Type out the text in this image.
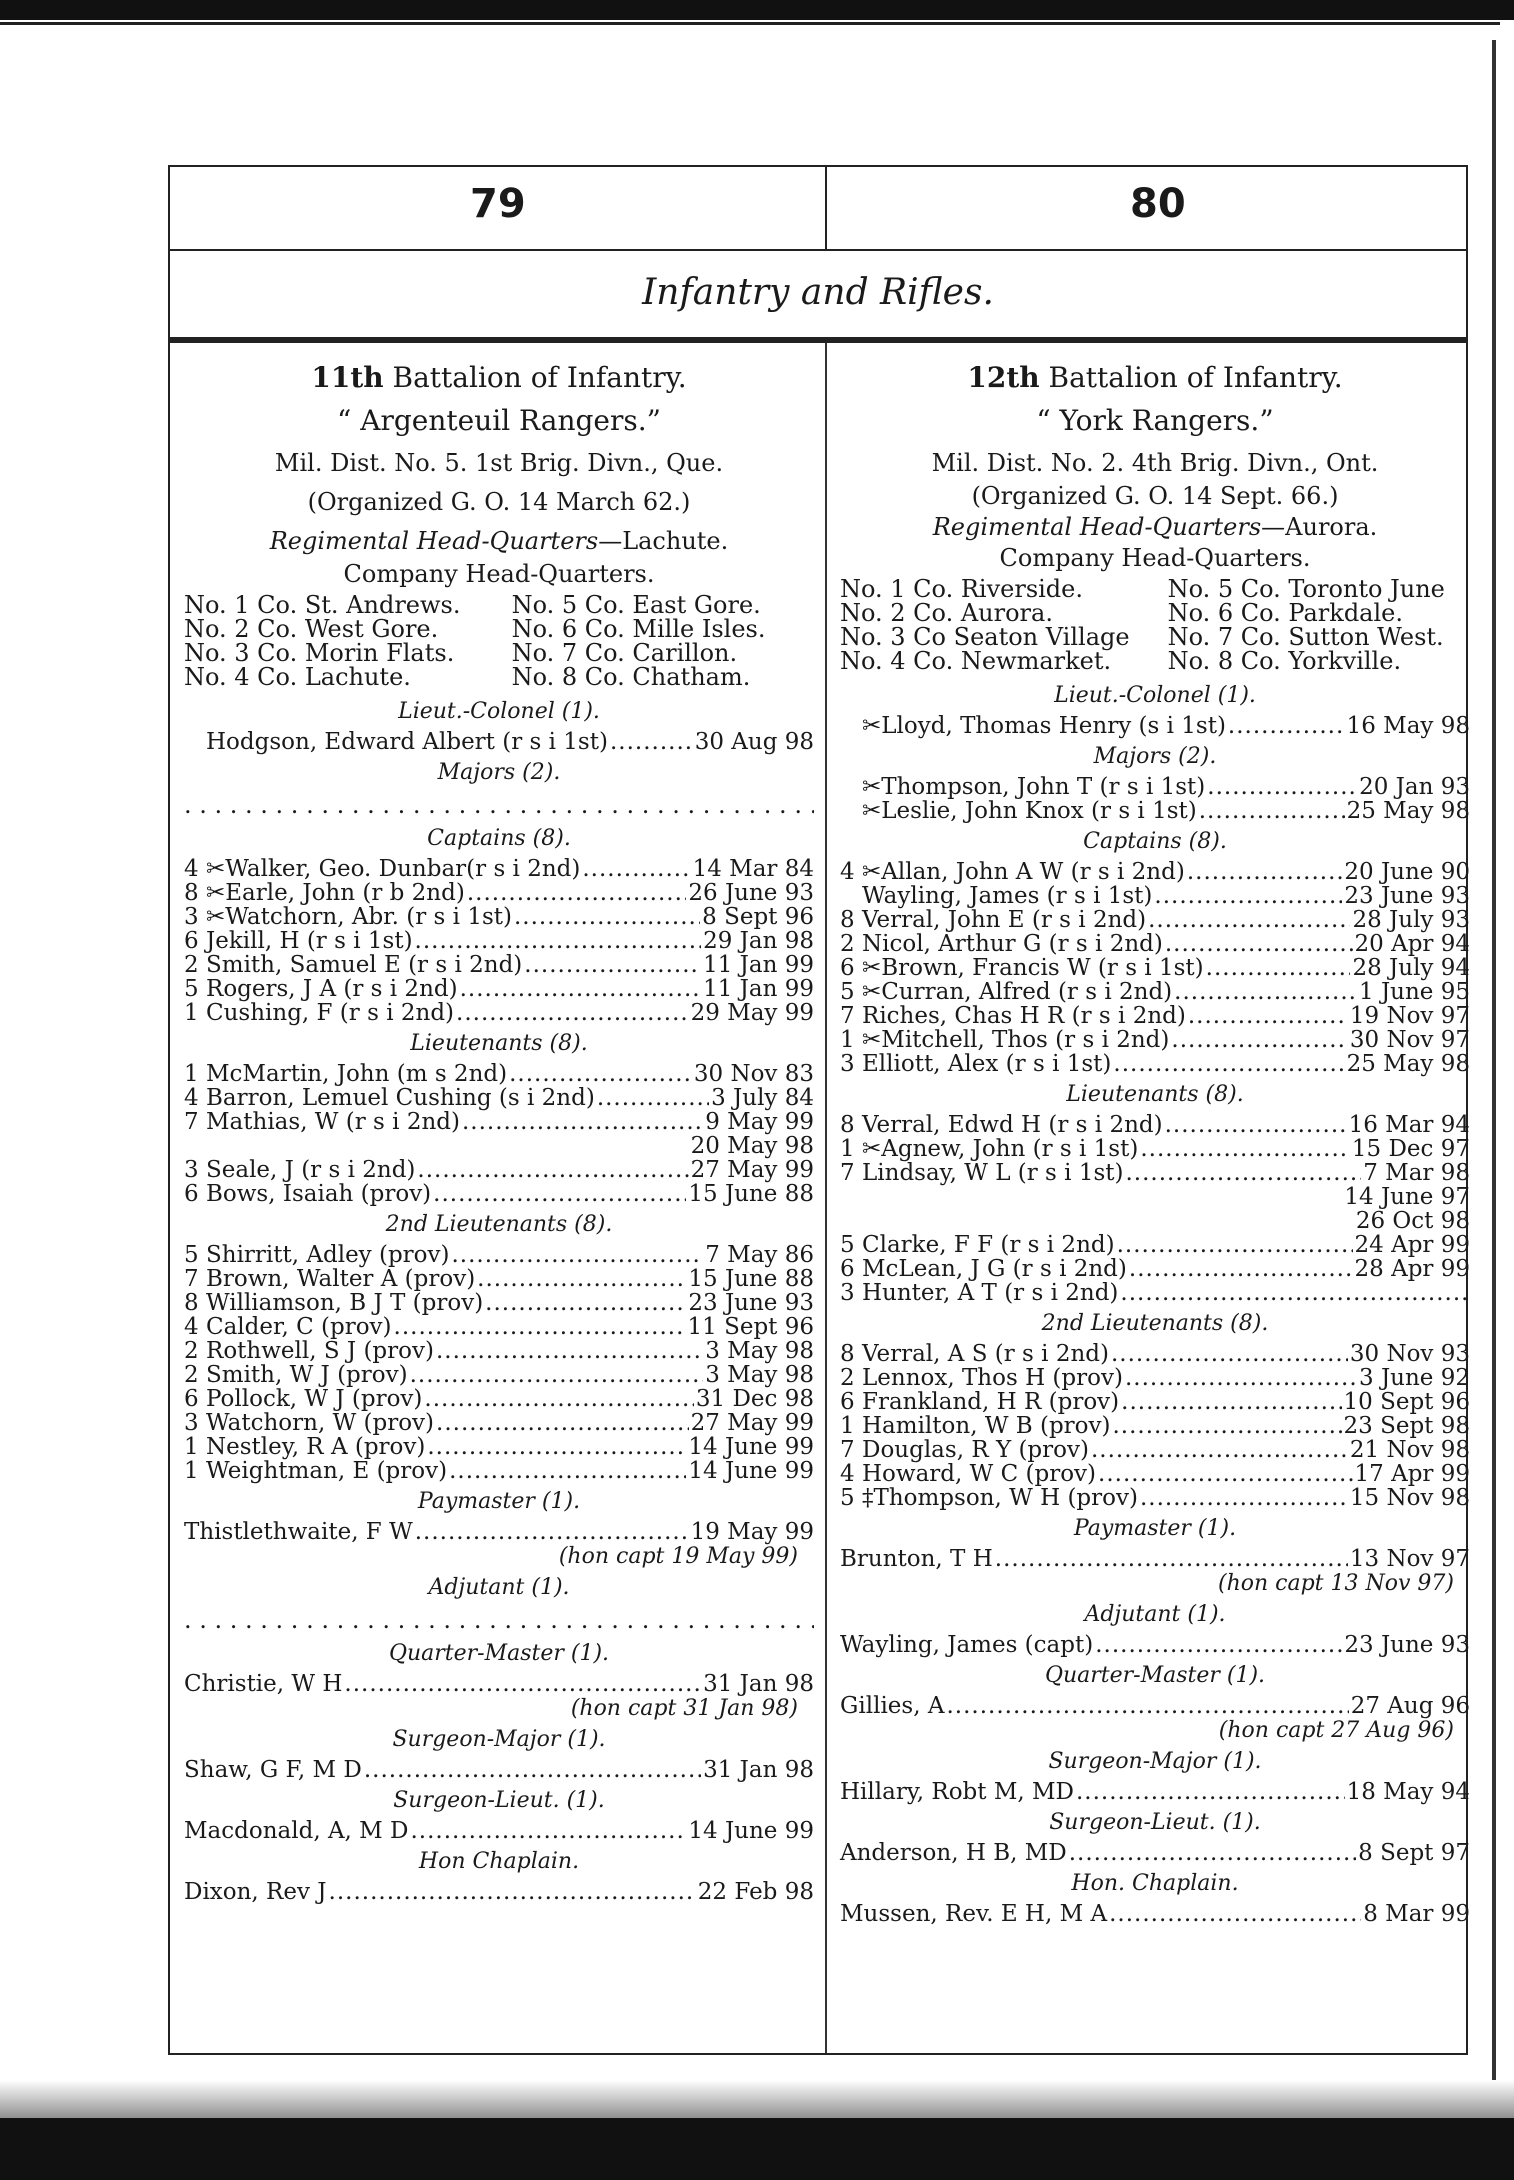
79	80
Infantry and Rifles.
11th Battalion of Infantry.
“ Argenteuil Rangers.”
Mil. Dist. No. 5. 1st Brig. Divn., Que.
(Organized G. O. 14 March 62.)
Regimental Head-Quarters—Lachute.
Company Head-Quarters.
No. 1 Co. St. Andrews.	No. 5 Co. East Gore.
No. 2 Co. West Gore.	No. 6 Co. Mille Isles.
No. 3 Co. Morin Flats.	No. 7 Co. Carillon.
No. 4 Co. Lachute.	No. 8 Co. Chatham.
Lieut.-Colonel (1).
Hodgson, Edward Albert (r s i 1st) .....	30 Aug 98
Majors (2).
. . .
Captains (8).
4 ✂Walker, Geo. Dunbar(r s i 2nd) .....	14 Mar 84
8 ✂Earle, John (r b 2nd) .....	26 June 93
3 ✂Watchorn, Abr. (r s i 1st) .....	8 Sept 96
6 Jekill, H (r s i 1st) .....	29 Jan 98
2 Smith, Samuel E (r s i 2nd) .....	11 Jan 99
5 Rogers, J A (r s i 2nd) .....	11 Jan 99
1 Cushing, F (r s i 2nd) .....	29 May 99
Lieutenants (8).
1 McMartin, John (m s 2nd) .....	30 Nov 83
4 Barron, Lemuel Cushing (s i 2nd) .....	3 July 84
7 Mathias, W (r s i 2nd) .....	9 May 99
20 May 98
3 Seale, J (r s i 2nd) .....	27 May 99
6 Bows, Isaiah (prov) .....	15 June 88
2nd Lieutenants (8).
5 Shirritt, Adley (prov) .....	7 May 86
7 Brown, Walter A (prov) .....	15 June 88
8 Williamson, B J T (prov) .....	23 June 93
4 Calder, C (prov) .....	11 Sept 96
2 Rothwell, S J (prov) .....	3 May 98
2 Smith, W J (prov) .....	3 May 98
6 Pollock, W J (prov) .....	31 Dec 98
3 Watchorn, W (prov) .....	27 May 99
1 Nestley, R A (prov) .....	14 June 99
1 Weightman, E (prov) .....	14 June 99
Paymaster (1).
Thistlethwaite, F W .....	19 May 99
(hon capt 19 May 99)
Adjutant (1).
. . .
Quarter-Master (1).
Christie, W H .....	31 Jan 98
(hon capt 31 Jan 98)
Surgeon-Major (1).
Shaw, G F, M D .....	31 Jan 98
Surgeon-Lieut. (1).
Macdonald, A, M D .....	14 June 99
Hon Chaplain.
Dixon, Rev J .....	22 Feb 98
12th Battalion of Infantry.
“ York Rangers.”
Mil. Dist. No. 2. 4th Brig. Divn., Ont.
(Organized G. O. 14 Sept. 66.)
Regimental Head-Quarters—Aurora.
Company Head-Quarters.
No. 1 Co. Riverside.	No. 5 Co. Toronto June
No. 2 Co. Aurora.	No. 6 Co. Parkdale.
No. 3 Co Seaton Village	No. 7 Co. Sutton West.
No. 4 Co. Newmarket.	No. 8 Co. Yorkville.
Lieut.-Colonel (1).
✂Lloyd, Thomas Henry (s i 1st) .....	16 May 98
Majors (2).
✂Thompson, John T (r s i 1st) .....	20 Jan 93
✂Leslie, John Knox (r s i 1st) .....	25 May 98
Captains (8).
4 ✂Allan, John A W (r s i 2nd) .....	20 June 90
Wayling, James (r s i 1st) .....	23 June 93
8 Verral, John E (r s i 2nd) .....	28 July 93
2 Nicol, Arthur G (r s i 2nd) .....	20 Apr 94
6 ✂Brown, Francis W (r s i 1st) .....	28 July 94
5 ✂Curran, Alfred (r s i 2nd) .....	1 June 95
7 Riches, Chas H R (r s i 2nd) .....	19 Nov 97
1 ✂Mitchell, Thos (r s i 2nd) .....	30 Nov 97
3 Elliott, Alex (r s i 1st) .....	25 May 98
Lieutenants (8).
8 Verral, Edwd H (r s i 2nd) .....	16 Mar 94
1 ✂Agnew, John (r s i 1st) .....	15 Dec 97
7 Lindsay, W L (r s i 1st) .....	7 Mar 98
14 June 97
26 Oct 98
5 Clarke, F F (r s i 2nd) .....	24 Apr 99
6 McLean, J G (r s i 2nd) .....	28 Apr 99
3 Hunter, A T (r s i 2nd)
.....
2nd Lieutenants (8).
8 Verral, A S (r s i 2nd) .....	30 Nov 93
2 Lennox, Thos H (prov) .....	3 June 92
6 Frankland, H R (prov) .....	10 Sept 96
1 Hamilton, W B (prov) .....	23 Sept 98
7 Douglas, R Y (prov) .....	21 Nov 98
4 Howard, W C (prov) .....	17 Apr 99
5 ‡Thompson, W H (prov) .....	15 Nov 98
Paymaster (1).
Brunton, T H .....	13 Nov 97
(hon capt 13 Nov 97)
Adjutant (1).
Wayling, James (capt) .....	23 June 93
Quarter-Master (1).
Gillies, A .....	27 Aug 96
(hon capt 27 Aug 96)
Surgeon-Major (1).
Hillary, Robt M, MD .....	18 May 94
Surgeon-Lieut. (1).
Anderson, H B, MD .....	8 Sept 97
Hon. Chaplain.
Mussen, Rev. E H, M A .....	8 Mar 99
